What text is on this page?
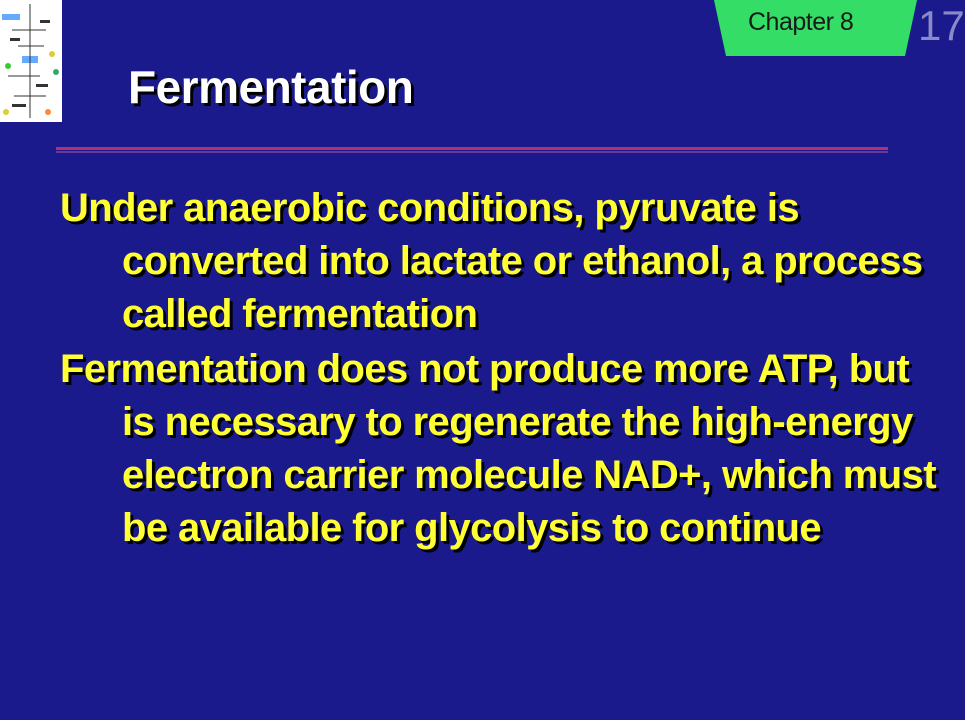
Chapter 8	17
Fermentation
Under anaerobic conditions, pyruvate is converted into lactate or ethanol, a process called fermentation
Fermentation does not produce more ATP, but is necessary to regenerate the high-energy electron carrier molecule NAD+, which must be available for glycolysis to continue
